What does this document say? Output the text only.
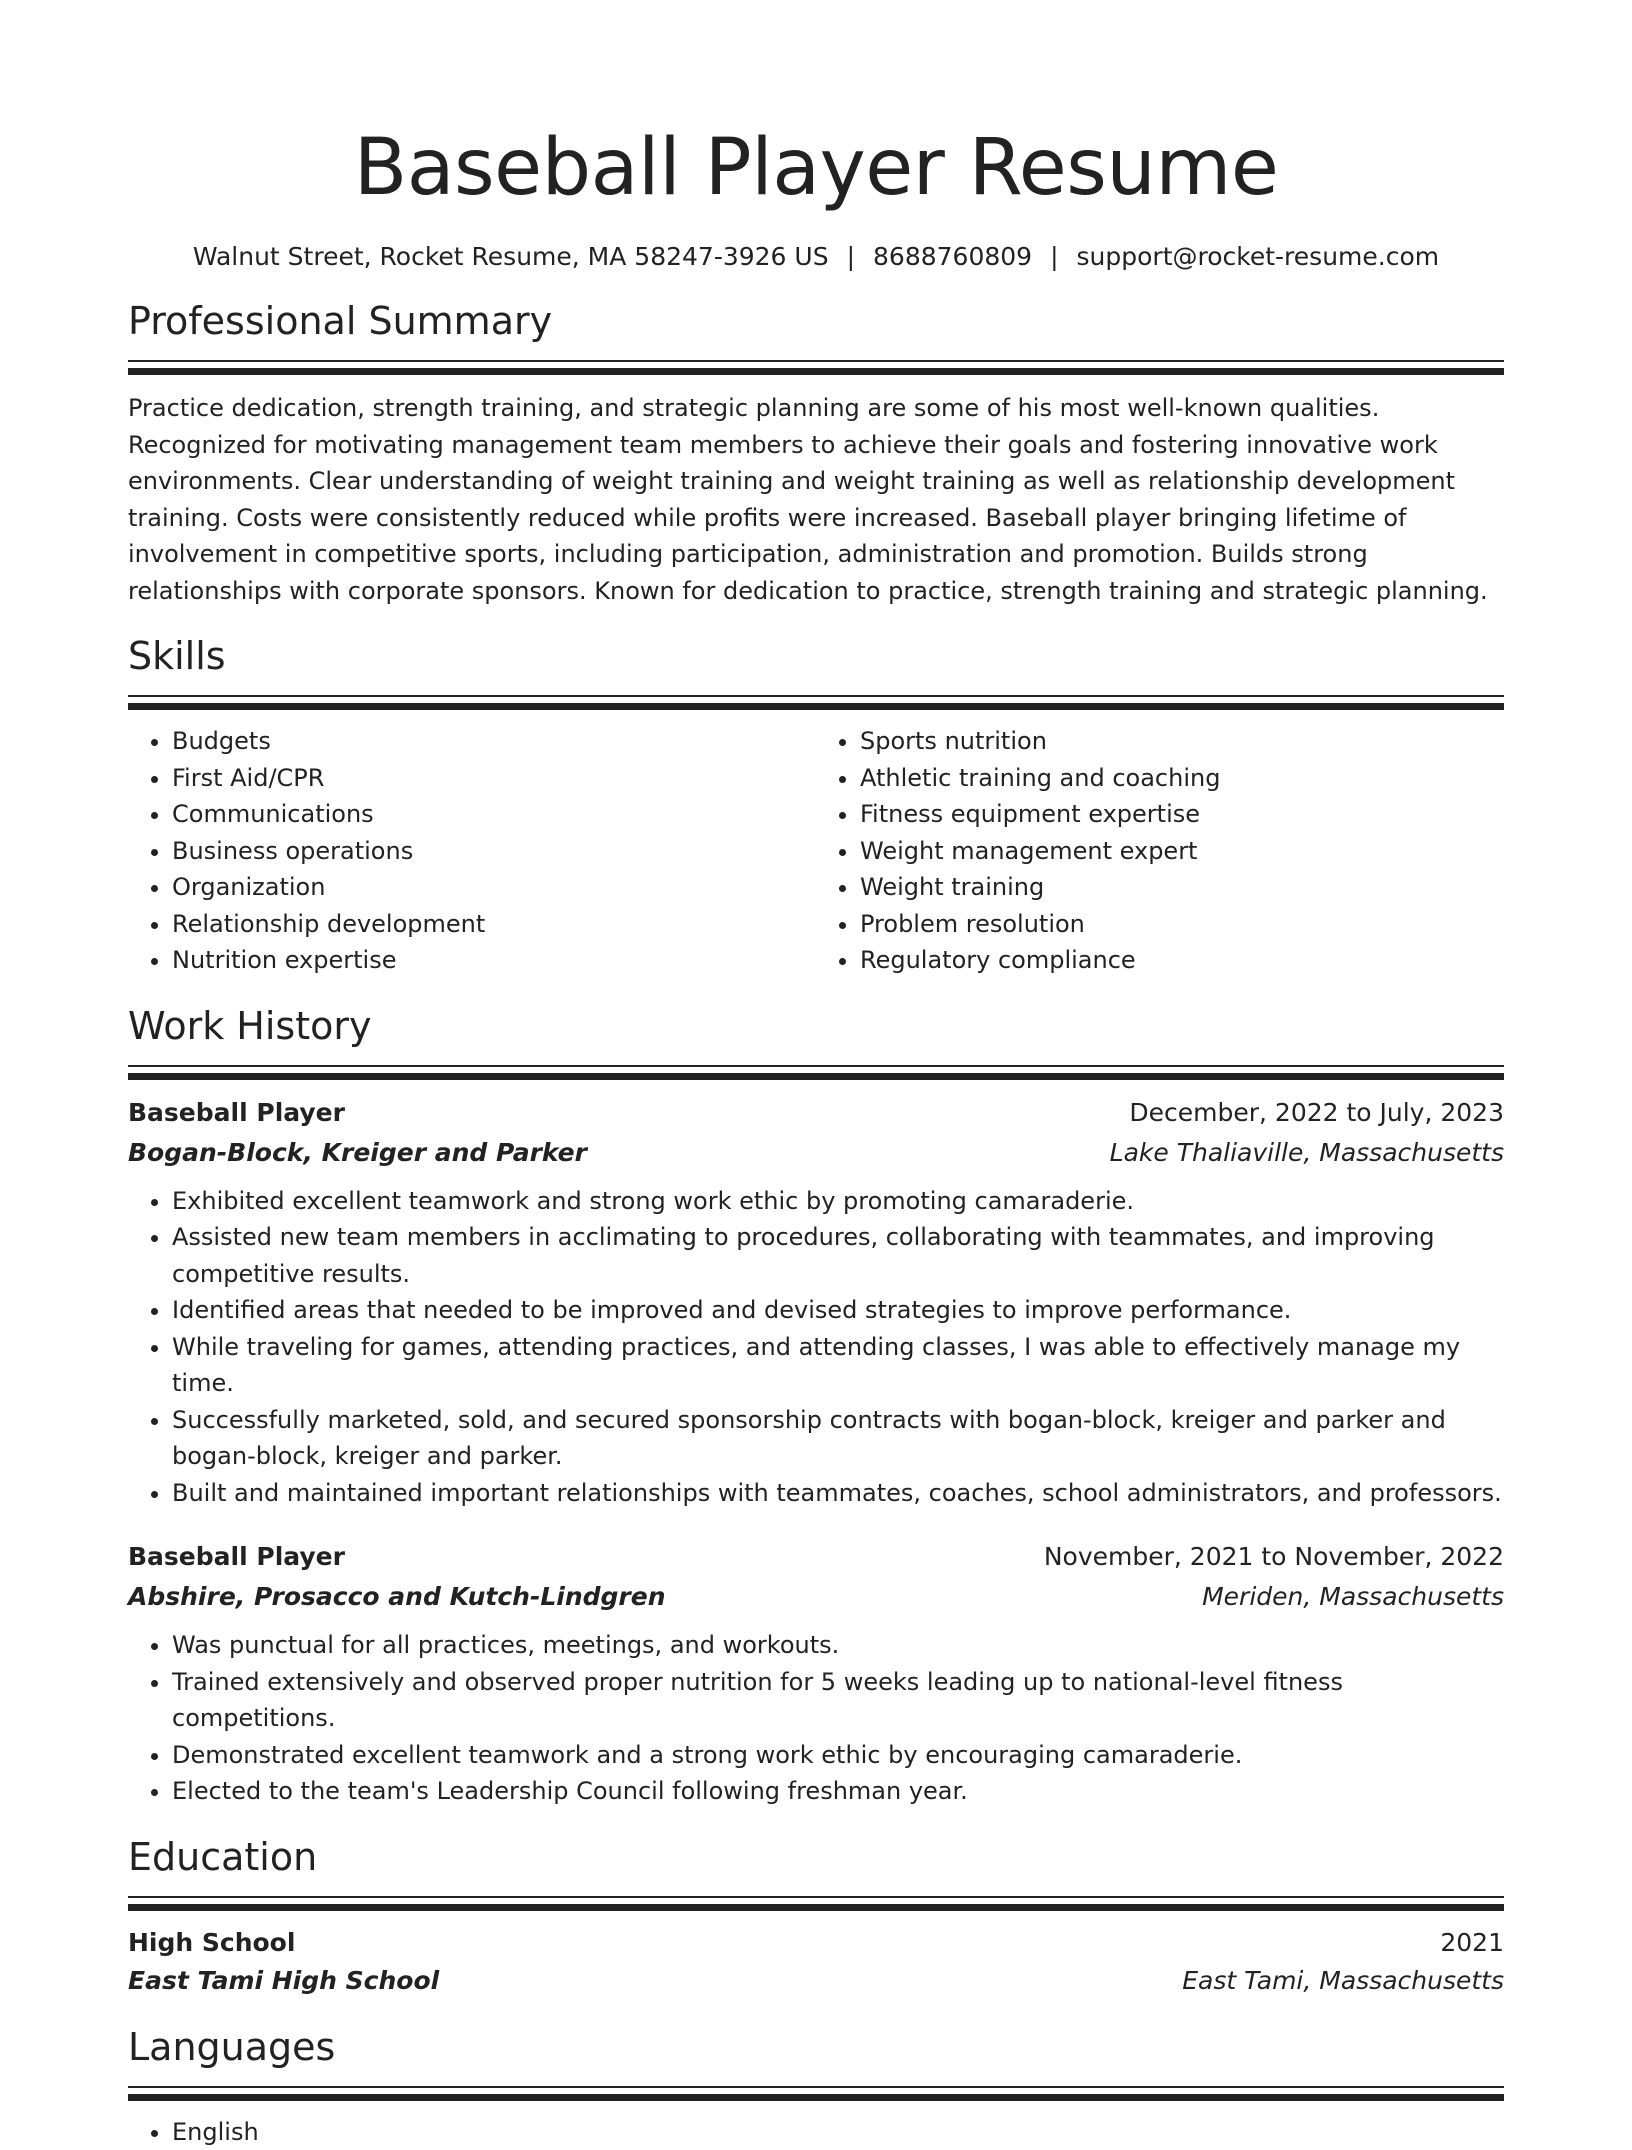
Baseball Player Resume
Walnut Street, Rocket Resume, MA 58247-3926 US | 8688760809 | support@rocket-resume.com
Professional Summary

Practice dedication, strength training, and strategic planning are some of his most well-known qualities. Recognized for motivating management team members to achieve their goals and fostering innovative work environments. Clear understanding of weight training and weight training as well as relationship development training. Costs were consistently reduced while profits were increased. Baseball player bringing lifetime of involvement in competitive sports, including participation, administration and promotion. Builds strong relationships with corporate sponsors. Known for dedication to practice, strength training and strategic planning.

Skills
• Budgets
• First Aid/CPR
• Communications
• Business operations
• Organization
• Relationship development
• Nutrition expertise
• Sports nutrition
• Athletic training and coaching
• Fitness equipment expertise
• Weight management expert
• Weight training
• Problem resolution
• Regulatory compliance
Work History
Baseball Player	December, 2022 to July, 2023
Bogan-Block, Kreiger and Parker	Lake Thaliaville, Massachusetts
• Exhibited excellent teamwork and strong work ethic by promoting camaraderie.
• Assisted new team members in acclimating to procedures, collaborating with teammates, and improving competitive results.
• Identified areas that needed to be improved and devised strategies to improve performance.
• While traveling for games, attending practices, and attending classes, I was able to effectively manage my time.
• Successfully marketed, sold, and secured sponsorship contracts with bogan-block, kreiger and parker and bogan-block, kreiger and parker.
• Built and maintained important relationships with teammates, coaches, school administrators, and professors.
Baseball Player	November, 2021 to November, 2022
Abshire, Prosacco and Kutch-Lindgren	Meriden, Massachusetts
• Was punctual for all practices, meetings, and workouts.
• Trained extensively and observed proper nutrition for 5 weeks leading up to national-level fitness competitions.
• Demonstrated excellent teamwork and a strong work ethic by encouraging camaraderie.
• Elected to the team's Leadership Council following freshman year.
Education
High School	2021
East Tami High School	East Tami, Massachusetts
Languages
• English
